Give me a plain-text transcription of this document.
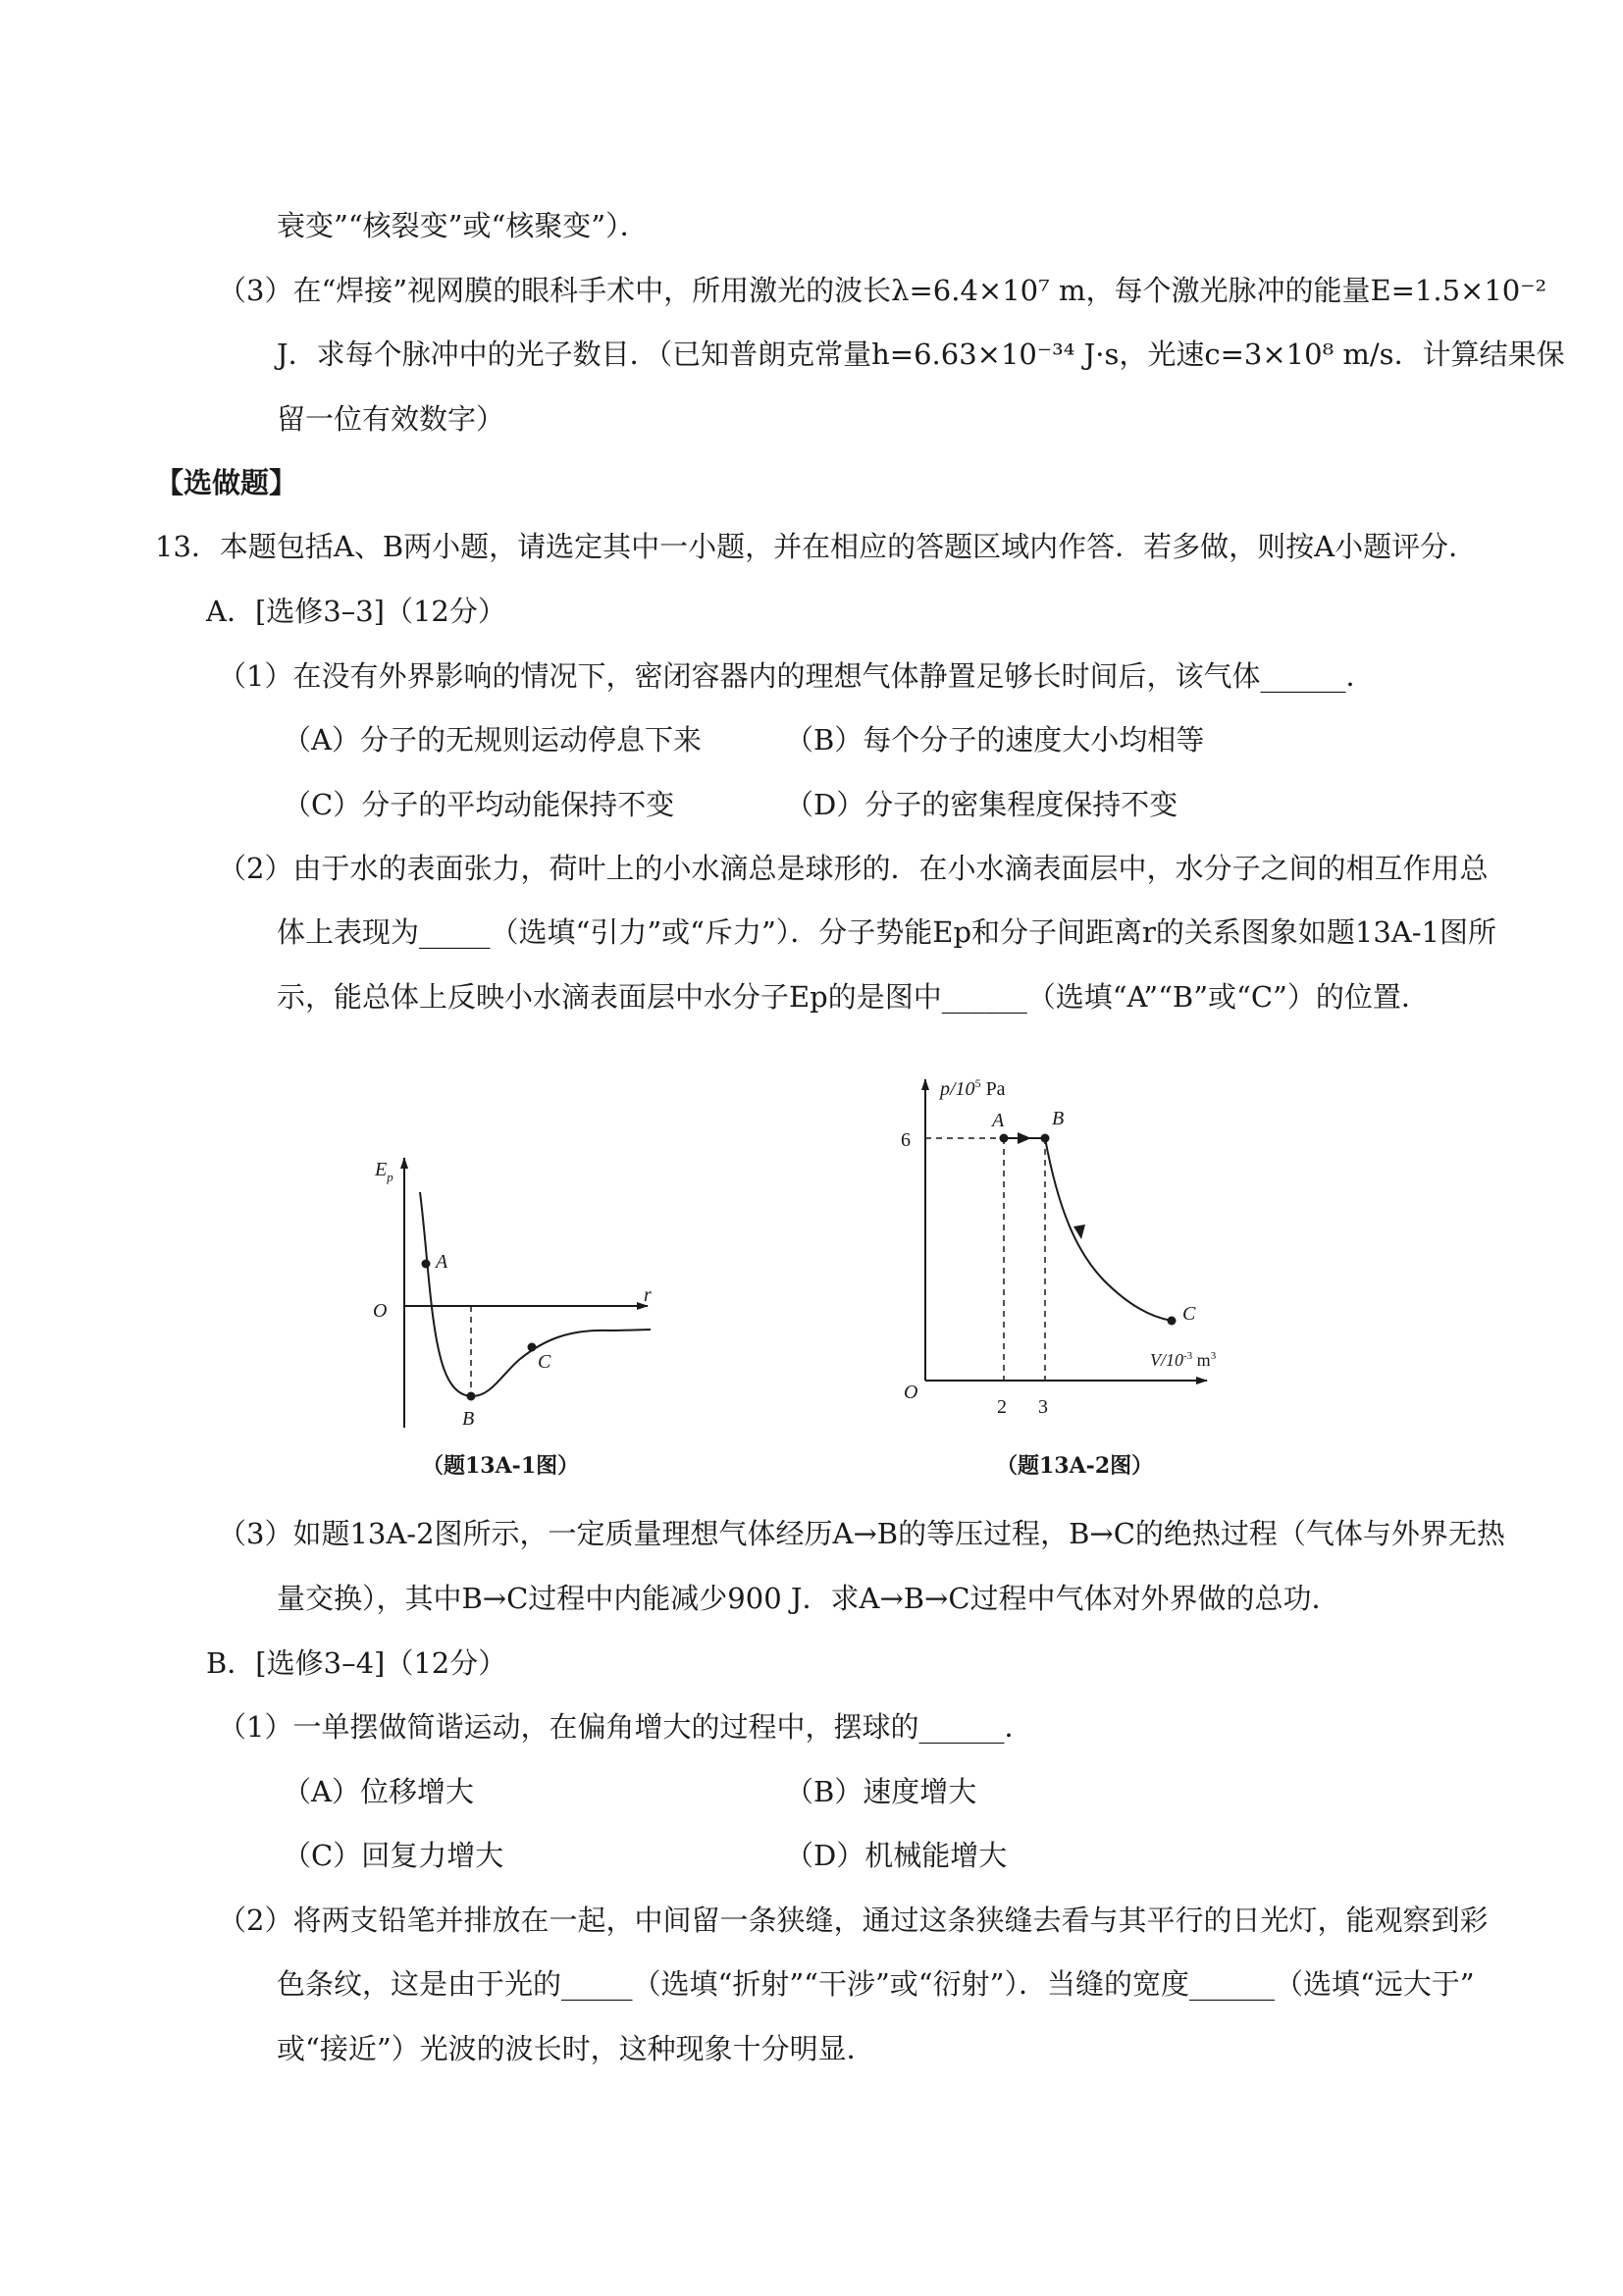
衰变”“核裂变”或“核聚变”）．
（3）在“焊接”视网膜的眼科手术中，所用激光的波长λ=6.4×10⁷ m，每个激光脉冲的能量E=1.5×10⁻²
J．求每个脉冲中的光子数目．（已知普朗克常量h=6.63×10⁻³⁴ J·s，光速c=3×10⁸ m/s．计算结果保
留一位有效数字）
【选做题】
13．本题包括A、B两小题，请选定其中一小题，并在相应的答题区域内作答．若多做，则按A小题评分．
A．[选修3–3]（12分）
（1）在没有外界影响的情况下，密闭容器内的理想气体静置足够长时间后，该气体______．
（A）分子的无规则运动停息下来	（B）每个分子的速度大小均相等
（C）分子的平均动能保持不变	（D）分子的密集程度保持不变
（2）由于水的表面张力，荷叶上的小水滴总是球形的．在小水滴表面层中，水分子之间的相互作用总
体上表现为_____（选填“引力”或“斥力”）．分子势能Ep和分子间距离r的关系图象如题13A-1图所
示，能总体上反映小水滴表面层中水分子Ep的是图中______（选填“A”“B”或“C”）的位置．
$E_p$
r
O
A
B
C
（题13A-1图）
$p/10^5$ Pa
$V/10^{-3}$ $m^3$
O
6
2 3
A B
C
（题13A-2图）
（3）如题13A-2图所示，一定质量理想气体经历A→B的等压过程，B→C的绝热过程（气体与外界无热
量交换），其中B→C过程中内能减少900 J．求A→B→C过程中气体对外界做的总功．
B．[选修3–4]（12分）
（1）一单摆做简谐运动，在偏角增大的过程中，摆球的______．
（A）位移增大	（B）速度增大
（C）回复力增大	（D）机械能增大
（2）将两支铅笔并排放在一起，中间留一条狭缝，通过这条狭缝去看与其平行的日光灯，能观察到彩
色条纹，这是由于光的_____（选填“折射”“干涉”或“衍射”）．当缝的宽度______（选填“远大于”
或“接近”）光波的波长时，这种现象十分明显．
